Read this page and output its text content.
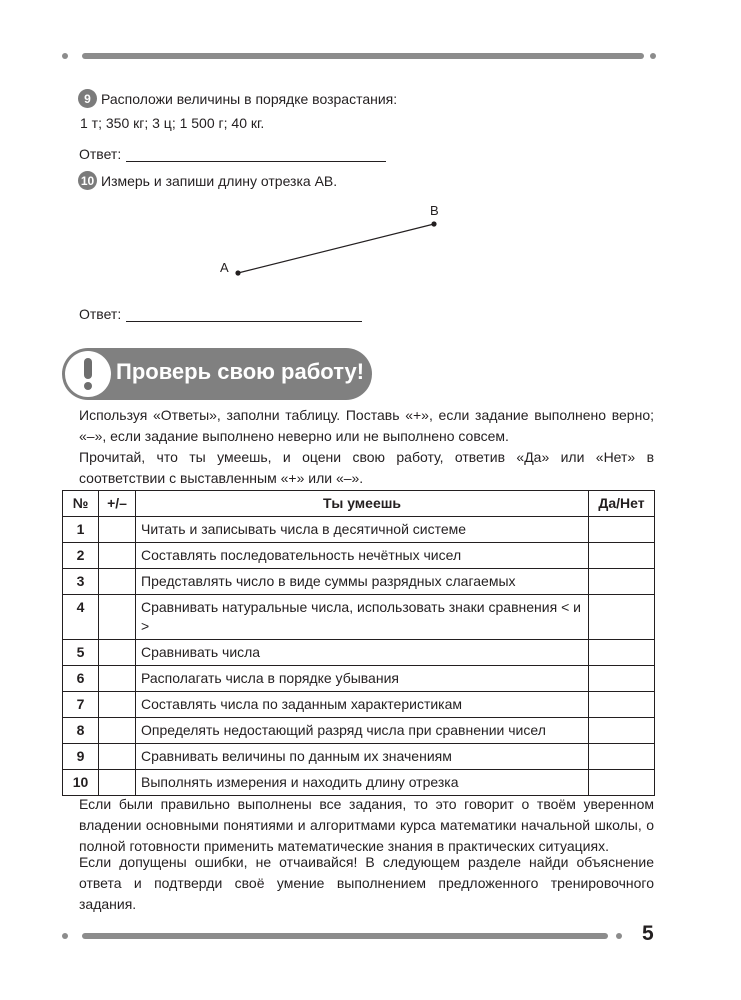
9 Расположи величины в порядке возрастания:
1 т; 350 кг; 3 ц; 1 500 г; 40 кг.
Ответ:
10 Измерь и запиши длину отрезка AB.
A
B
Ответ:
Проверь свою работу!

Используя «Ответы», заполни таблицу. Поставь «+», если задание выполнено верно; «–», если задание выполнено неверно или не выполнено совсем.

Прочитай, что ты умеешь, и оцени свою работу, ответив «Да» или «Нет» в соответствии с выставленным «+» или «–».

№	+/–	Ты умеешь	Да/Нет
1		Читать и записывать числа в десятичной системе	
2		Составлять последовательность нечётных чисел	
3		Представлять число в виде суммы разрядных слагаемых	
4		Сравнивать натуральные числа, использовать знаки сравнения < и >	
5		Сравнивать числа	
6		Располагать числа в порядке убывания	
7		Составлять числа по заданным характеристикам	
8		Определять недостающий разряд числа при сравнении чисел	
9		Сравнивать величины по данным их значениям	
10		Выполнять измерения и находить длину отрезка	

Если были правильно выполнены все задания, то это говорит о твоём уверенном владении основными понятиями и алгоритмами курса математики начальной школы, о полной готовности применить математические знания в практических ситуациях.

Если допущены ошибки, не отчаивайся! В следующем разделе найди объяснение ответа и подтверди своё умение выполнением предложенного тренировочного задания.

5
